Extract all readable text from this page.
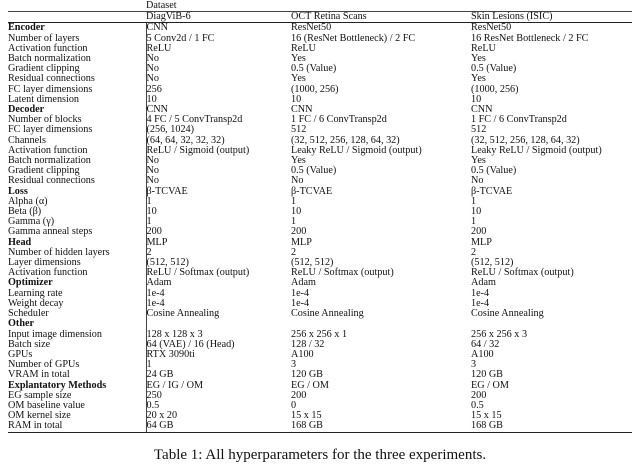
	Dataset		
	DiagViB-6	OCT Retina Scans	Skin Lesions (ISIC)
Encoder	CNN	ResNet50	ResNet50
Number of layers	5 Conv2d / 1 FC	16 (ResNet Bottleneck) / 2 FC	16 ResNet Bottleneck / 2 FC
Activation function	ReLU	ReLU	ReLU
Batch normalization	No	Yes	Yes
Gradient clipping	No	0.5 (Value)	0.5 (Value)
Residual connections	No	Yes	Yes
FC layer dimensions	256	(1000, 256)	(1000, 256)
Latent dimension	10	10	10
Decoder	CNN	CNN	CNN
Number of blocks	4 FC / 5 ConvTransp2d	1 FC / 6 ConvTransp2d	1 FC / 6 ConvTransp2d
FC layer dimensions	(256, 1024)	512	512
Channels	(64, 64, 32, 32, 32)	(32, 512, 256, 128, 64, 32)	(32, 512, 256, 128, 64, 32)
Activation function	ReLU / Sigmoid (output)	Leaky ReLU / Sigmoid (output)	Leaky ReLU / Sigmoid (output)
Batch normalization	No	Yes	Yes
Gradient clipping	No	0.5 (Value)	0.5 (Value)
Residual connections	No	No	No
Loss	β-TCVAE	β-TCVAE	β-TCVAE
Alpha (α)	1	1	1
Beta (β)	10	10	10
Gamma (γ)	1	1	1
Gamma anneal steps	200	200	200
Head	MLP	MLP	MLP
Number of hidden layers	2	2	2
Layer dimensions	(512, 512)	(512, 512)	(512, 512)
Activation function	ReLU / Softmax (output)	ReLU / Softmax (output)	ReLU / Softmax (output)
Optimizer	Adam	Adam	Adam
Learning rate	1e-4	1e-4	1e-4
Weight decay	1e-4	1e-4	1e-4
Scheduler	Cosine Annealing	Cosine Annealing	Cosine Annealing
Other			
Input image dimension	128 x 128 x 3	256 x 256 x 1	256 x 256 x 3
Batch size	64 (VAE) / 16 (Head)	128 / 32	64 / 32
GPUs	RTX 3090ti	A100	A100
Number of GPUs	1	3	3
VRAM in total	24 GB	120 GB	120 GB
Explantatory Methods	EG / IG / OM	EG / OM	EG / OM
EG sample size	250	200	200
OM baseline value	0.5	0	0.5
OM kernel size	20 x 20	15 x 15	15 x 15
RAM in total	64 GB	168 GB	168 GB
Table 1: All hyperparameters for the three experiments.
